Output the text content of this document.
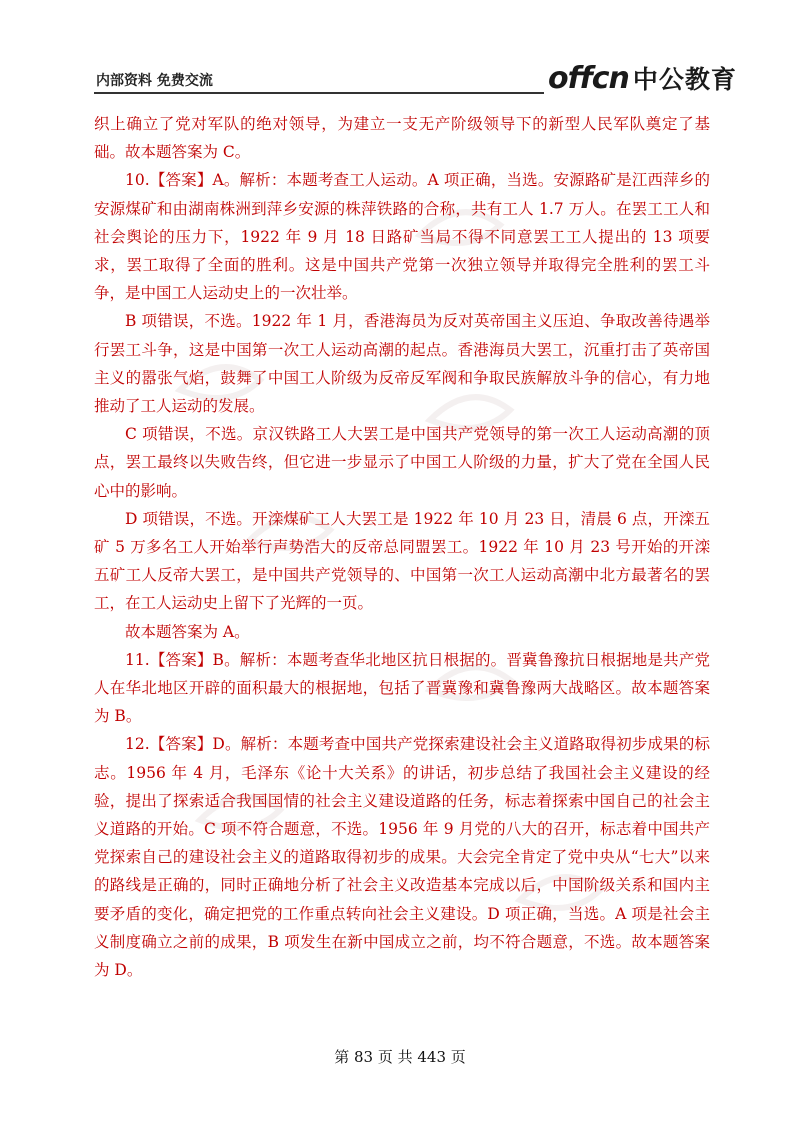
内部资料 免费交流	offcn 中公教育

织上确立了党对军队的绝对领导，为建立一支无产阶级领导下的新型人民军队奠定了基础。故本题答案为 C。

10.【答案】A。解析：本题考查工人运动。A 项正确，当选。安源路矿是江西萍乡的安源煤矿和由湖南株洲到萍乡安源的株萍铁路的合称，共有工人 1.7 万人。在罢工工人和社会舆论的压力下，1922 年 9 月 18 日路矿当局不得不同意罢工工人提出的 13 项要求，罢工取得了全面的胜利。这是中国共产党第一次独立领导并取得完全胜利的罢工斗争，是中国工人运动史上的一次壮举。

B 项错误，不选。1922 年 1 月，香港海员为反对英帝国主义压迫、争取改善待遇举行罢工斗争，这是中国第一次工人运动高潮的起点。香港海员大罢工，沉重打击了英帝国主义的嚣张气焰，鼓舞了中国工人阶级为反帝反军阀和争取民族解放斗争的信心，有力地推动了工人运动的发展。

C 项错误，不选。京汉铁路工人大罢工是中国共产党领导的第一次工人运动高潮的顶点，罢工最终以失败告终，但它进一步显示了中国工人阶级的力量，扩大了党在全国人民心中的影响。

D 项错误，不选。开滦煤矿工人大罢工是 1922 年 10 月 23 日，清晨 6 点，开滦五矿 5 万多名工人开始举行声势浩大的反帝总同盟罢工。1922 年 10 月 23 号开始的开滦五矿工人反帝大罢工，是中国共产党领导的、中国第一次工人运动高潮中北方最著名的罢工，在工人运动史上留下了光辉的一页。

故本题答案为 A。

11.【答案】B。解析：本题考查华北地区抗日根据的。晋冀鲁豫抗日根据地是共产党人在华北地区开辟的面积最大的根据地，包括了晋冀豫和冀鲁豫两大战略区。故本题答案为 B。

12.【答案】D。解析：本题考查中国共产党探索建设社会主义道路取得初步成果的标志。1956 年 4 月，毛泽东《论十大关系》的讲话，初步总结了我国社会主义建设的经验，提出了探索适合我国国情的社会主义建设道路的任务，标志着探索中国自己的社会主义道路的开始。C 项不符合题意，不选。1956 年 9 月党的八大的召开，标志着中国共产党探索自己的建设社会主义的道路取得初步的成果。大会完全肯定了党中央从“七大”以来的路线是正确的，同时正确地分析了社会主义改造基本完成以后，中国阶级关系和国内主要矛盾的变化，确定把党的工作重点转向社会主义建设。D 项正确，当选。A 项是社会主义制度确立之前的成果，B 项发生在新中国成立之前，均不符合题意，不选。故本题答案为 D。

第 83 页 共 443 页
